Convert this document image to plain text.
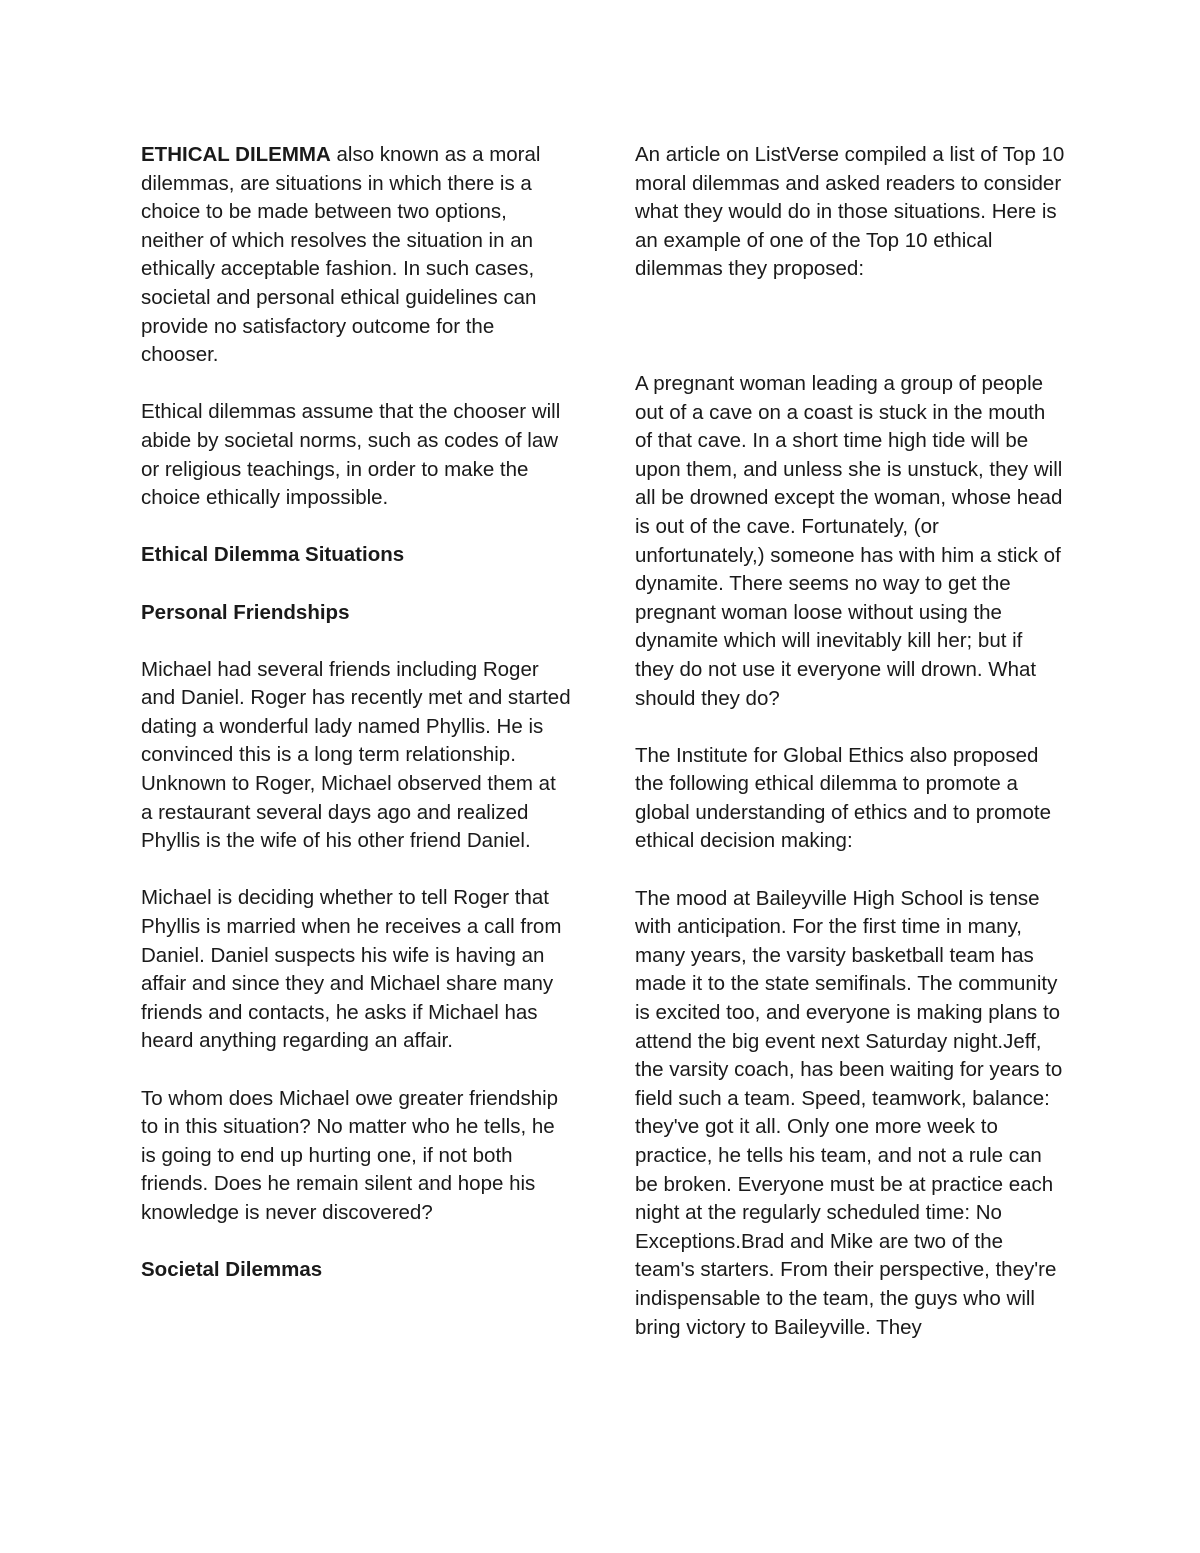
ETHICAL DILEMMA also known as a moral dilemmas, are situations in which there is a choice to be made between two options, neither of which resolves the situation in an ethically acceptable fashion. In such cases, societal and personal ethical guidelines can provide no satisfactory outcome for the chooser.

Ethical dilemmas assume that the chooser will abide by societal norms, such as codes of law or religious teachings, in order to make the choice ethically impossible.

Ethical Dilemma Situations

Personal Friendships

Michael had several friends including Roger and Daniel. Roger has recently met and started dating a wonderful lady named Phyllis. He is convinced this is a long term relationship. Unknown to Roger, Michael observed them at a restaurant several days ago and realized Phyllis is the wife of his other friend Daniel.

Michael is deciding whether to tell Roger that Phyllis is married when he receives a call from Daniel. Daniel suspects his wife is having an affair and since they and Michael share many friends and contacts, he asks if Michael has heard anything regarding an affair.

To whom does Michael owe greater friendship to in this situation? No matter who he tells, he is going to end up hurting one, if not both friends. Does he remain silent and hope his knowledge is never discovered?

Societal Dilemmas

An article on ListVerse compiled a list of Top 10 moral dilemmas and asked readers to consider what they would do in those situations. Here is an example of one of the Top 10 ethical dilemmas they proposed:

A pregnant woman leading a group of people out of a cave on a coast is stuck in the mouth of that cave. In a short time high tide will be upon them, and unless she is unstuck, they will all be drowned except the woman, whose head is out of the cave. Fortunately, (or unfortunately,) someone has with him a stick of dynamite. There seems no way to get the pregnant woman loose without using the dynamite which will inevitably kill her; but if they do not use it everyone will drown. What should they do?

The Institute for Global Ethics also proposed the following ethical dilemma to promote a global understanding of ethics and to promote ethical decision making:

The mood at Baileyville High School is tense with anticipation. For the first time in many, many years, the varsity basketball team has made it to the state semifinals. The community is excited too, and everyone is making plans to attend the big event next Saturday night.Jeff, the varsity coach, has been waiting for years to field such a team. Speed, teamwork, balance: they've got it all. Only one more week to practice, he tells his team, and not a rule can be broken. Everyone must be at practice each night at the regularly scheduled time: No Exceptions.Brad and Mike are two of the team's starters. From their perspective, they're indispensable to the team, the guys who will bring victory to Baileyville. They
